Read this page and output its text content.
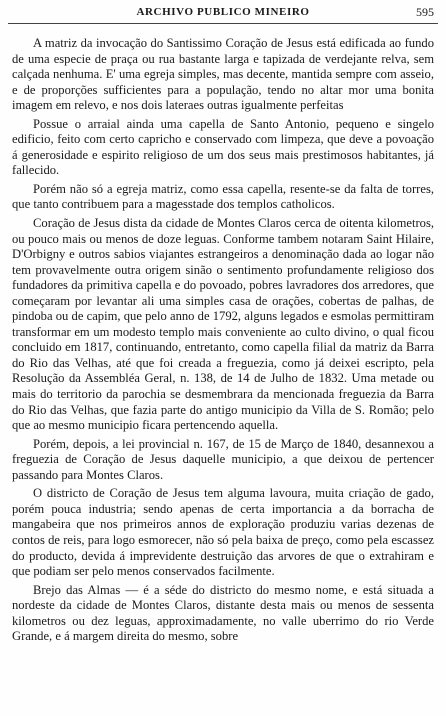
ARCHIVO PUBLICO MINEIRO	595

A matriz da invocação do Santissimo Coração de Jesus está edificada ao fundo de uma especie de praça ou rua bastante larga e tapizada de verdejante relva, sem calçada nenhuma. E' uma egreja simples, mas decente, mantida sempre com asseio, e de proporções sufficientes para a população, tendo no altar mor uma bonita imagem em relevo, e nos dois lateraes outras igualmente perfeitas

Possue o arraial ainda uma capella de Santo Antonio, pequeno e singelo edificio, feito com certo capricho e conservado com limpeza, que deve a povoação á generosidade e espirito religioso de um dos seus mais prestimosos habitantes, já fallecido.

Porém não só a egreja matriz, como essa capella, resente-se da falta de torres, que tanto contribuem para a magesstade dos templos catholicos.

Coração de Jesus dista da cidade de Montes Claros cerca de oitenta kilometros, ou pouco mais ou menos de doze leguas. Conforme tambem notaram Saint Hilaire, D'Orbigny e outros sabios viajantes estrangeiros a denominação dada ao logar não tem provavelmente outra origem sinão o sentimento profundamente religioso dos fundadores da primitiva capella e do povoado, pobres lavradores dos arredores, que começaram por levantar ali uma simples casa de orações, cobertas de palhas, de pindoba ou de capim, que pelo anno de 1792, alguns legados e esmolas permittiram transformar em um modesto templo mais conveniente ao culto divino, o qual ficou concluido em 1817, continuando, entretanto, como capella filial da matriz da Barra do Rio das Velhas, até que foi creada a freguezia, como já deixei escripto, pela Resolução da Assembléa Geral, n. 138, de 14 de Julho de 1832. Uma metade ou mais do territorio da parochia se desmembrara da mencionada freguezia da Barra do Rio das Velhas, que fazia parte do antigo municipio da Villa de S. Romão; pelo que ao mesmo municipio ficara pertencendo aquella.

Porém, depois, a lei provincial n. 167, de 15 de Março de 1840, desannexou a freguezia de Coração de Jesus daquelle municipio, a que deixou de pertencer passando para Montes Claros.

O districto de Coração de Jesus tem alguma lavoura, muita criação de gado, porém pouca industria; sendo apenas de certa importancia a da borracha de mangabeira que nos primeiros annos de exploração produziu varias dezenas de contos de reis, para logo esmorecer, não só pela baixa de preço, como pela escassez do producto, devida á imprevidente destruição das arvores de que o extrahiram e que podiam ser pelo menos conservados facilmente.

Brejo das Almas — é a séde do districto do mesmo nome, e está situada a nordeste da cidade de Montes Claros, distante desta mais ou menos de sessenta kilometros ou dez leguas, approximadamente, no valle uberrimo do rio Verde Grande, e á margem direita do mesmo, sobre
